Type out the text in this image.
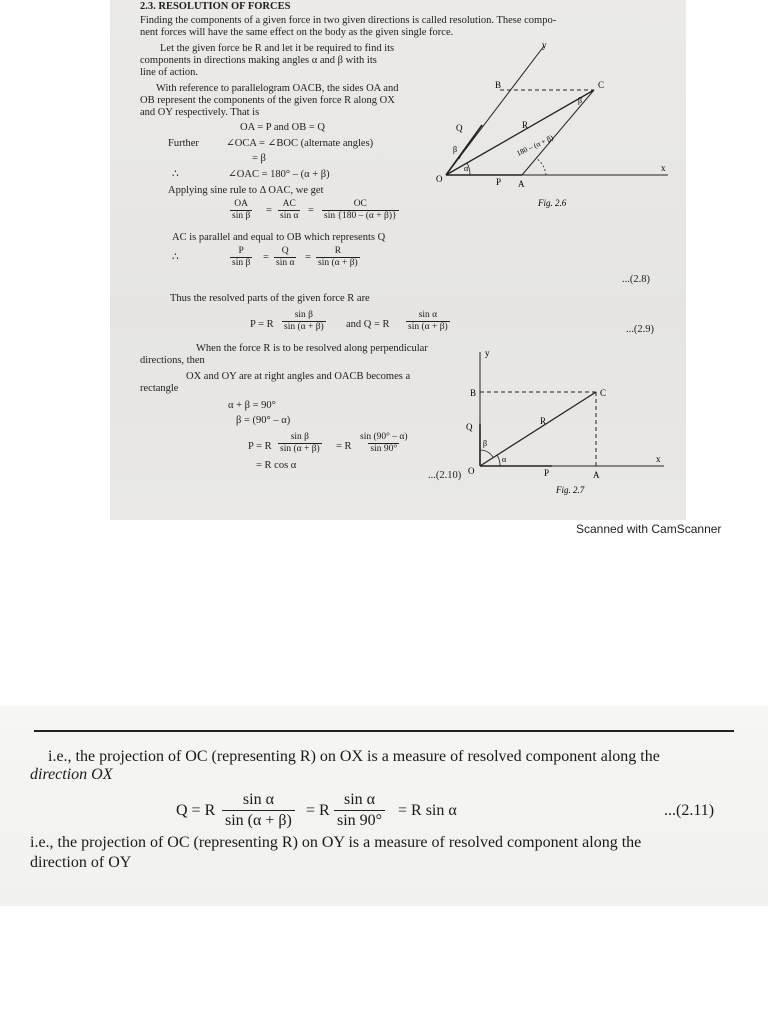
2.3. RESOLUTION OF FORCES
Finding the components of a given force in two given directions is called resolution. These compo-
nent forces will have the same effect on the body as the given single force.
Let the given force be R and let it be required to find its
components in directions making angles α and β with its
line of action.
With reference to parallelogram OACB, the sides OA and
OB represent the components of the given force R along OX
and OY respectively. That is
OA = P and OB = Q
Further	∠OCA = ∠BOC (alternate angles)
= β
∴	∠OAC = 180° – (α + β)
Applying sine rule to Δ OAC, we get
$\frac{OA}{\text{sin β}} = \frac{AC}{\text{sin α}} = \frac{OC}{\sin \{180 - (\alpha + \beta)\}}$
AC is parallel and equal to OB which represents Q
∴	$\frac{P}{\text{sin β}} = \frac{Q}{\text{sin α}} = \frac{R}{\sin (\alpha + \beta)}$
...(2.8)
Thus the resolved parts of the given force R are
P = R $\frac{\text{sin β}}{\sin (\alpha + \beta)}$ and Q = R $\frac{\text{sin α}}{\sin (\alpha + \beta)}$	...(2.9)
When the force R is to be resolved along perpendicular
directions, then
OX and OY are at right angles and OACB becomes a
rectangle
α + β = 90°
β = (90° – α)
P = R $\frac{\text{sin β}}{\sin (\alpha + \beta)} = R \frac{\sin (90^\circ - \alpha)}{\sin 90^\circ}$
= R cos α
...(2.10)
y
x
O	A
B	C
P
Q	R
α
β
β
180 – (α + β)
Fig. 2.6
y
x
O	A
B	C
P
Q
R
α
β
Fig. 2.7
Scanned with CamScanner
i.e., the projection of OC (representing R) on OX is a measure of resolved component along the
direction OX
Q = R $\frac{\text{sin α}}{\sin (\alpha + \beta)} = R \frac{\text{sin α}}{\sin 90^\circ} = R$ sin α	...(2.11)
i.e., the projection of OC (representing R) on OY is a measure of resolved component along the
direction of OY
